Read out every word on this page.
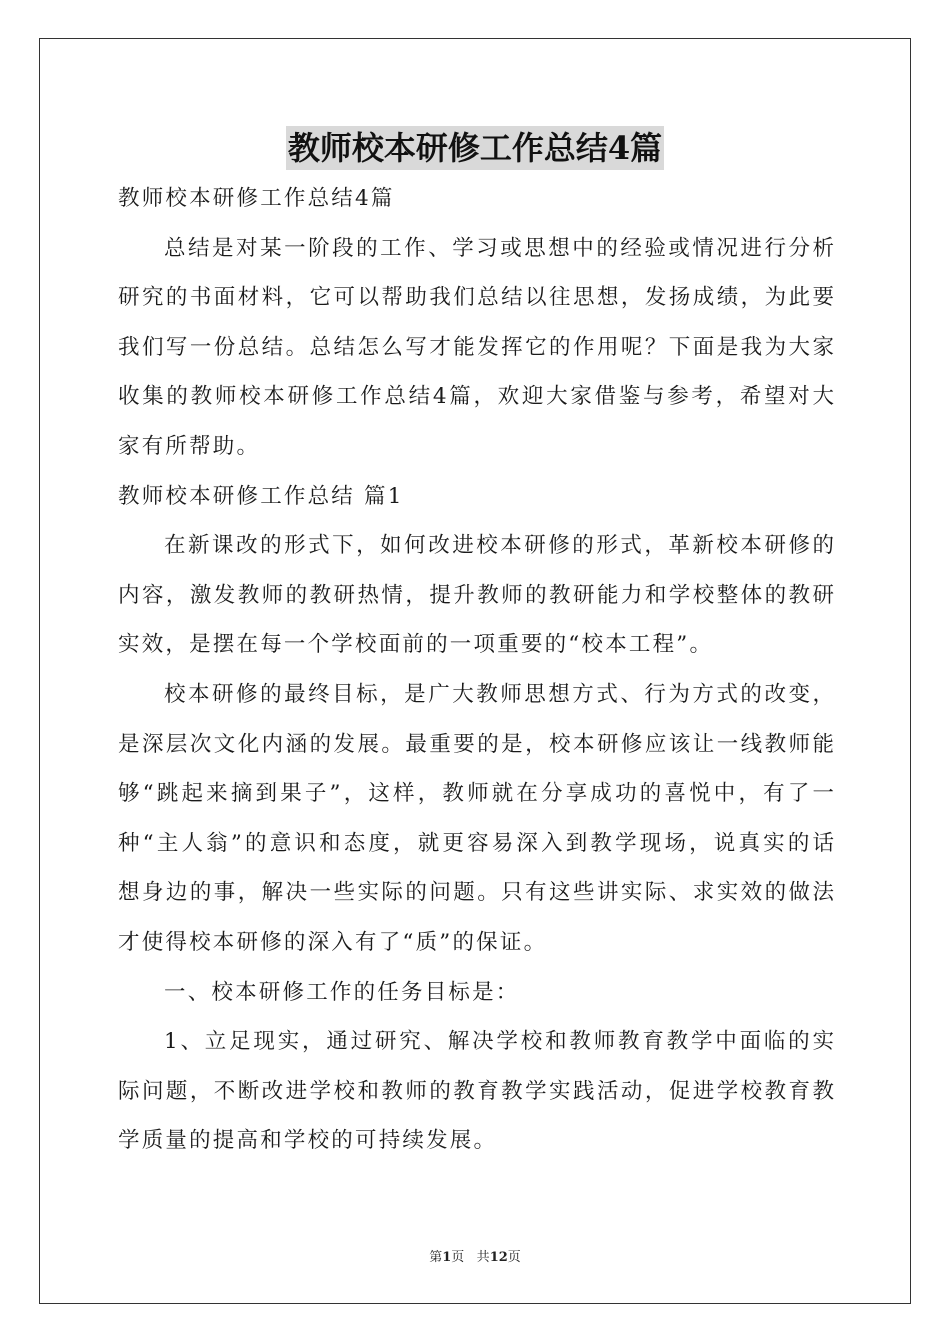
教师校本研修工作总结4篇
教师校本研修工作总结4篇
总结是对某一阶段的工作、学习或思想中的经验或情况进行分析
研究的书面材料，它可以帮助我们总结以往思想，发扬成绩，为此要
我们写一份总结。总结怎么写才能发挥它的作用呢？下面是我为大家
收集的教师校本研修工作总结4篇，欢迎大家借鉴与参考，希望对大
家有所帮助。
教师校本研修工作总结 篇1
在新课改的形式下，如何改进校本研修的形式，革新校本研修的
内容，激发教师的教研热情，提升教师的教研能力和学校整体的教研
实效，是摆在每一个学校面前的一项重要的“校本工程”。
校本研修的最终目标，是广大教师思想方式、行为方式的改变，
是深层次文化内涵的发展。最重要的是，校本研修应该让一线教师能
够“跳起来摘到果子”，这样，教师就在分享成功的喜悦中，有了一
种“主人翁”的意识和态度，就更容易深入到教学现场，说真实的话
想身边的事，解决一些实际的问题。只有这些讲实际、求实效的做法
才使得校本研修的深入有了“质”的保证。
一、校本研修工作的任务目标是：
1、立足现实，通过研究、解决学校和教师教育教学中面临的实
际问题，不断改进学校和教师的教育教学实践活动，促进学校教育教
学质量的提高和学校的可持续发展。
第1页 共12页
